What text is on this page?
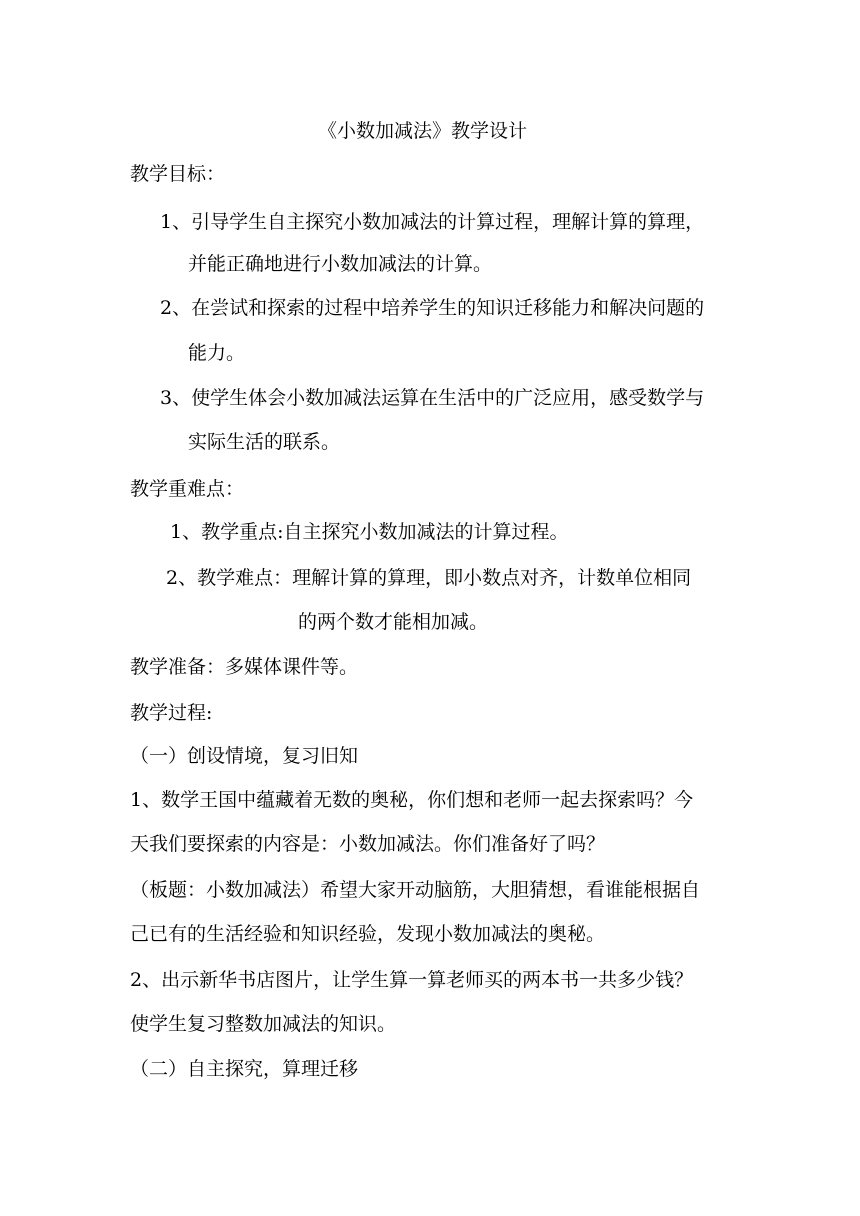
《小数加减法》教学设计
教学目标：
1、引导学生自主探究小数加减法的计算过程，理解计算的算理，
并能正确地进行小数加减法的计算。
2、在尝试和探索的过程中培养学生的知识迁移能力和解决问题的
能力。
3、使学生体会小数加减法运算在生活中的广泛应用，感受数学与
实际生活的联系。
教学重难点：
1、教学重点:自主探究小数加减法的计算过程。
2、教学难点：理解计算的算理，即小数点对齐，计数单位相同
的两个数才能相加减。
教学准备：多媒体课件等。
教学过程:
（一）创设情境，复习旧知
1、数学王国中蕴藏着无数的奥秘，你们想和老师一起去探索吗？今
天我们要探索的内容是：小数加减法。你们准备好了吗？
（板题：小数加减法）希望大家开动脑筋，大胆猜想，看谁能根据自
己已有的生活经验和知识经验，发现小数加减法的奥秘。
2、出示新华书店图片，让学生算一算老师买的两本书一共多少钱？
使学生复习整数加减法的知识。
（二）自主探究，算理迁移
